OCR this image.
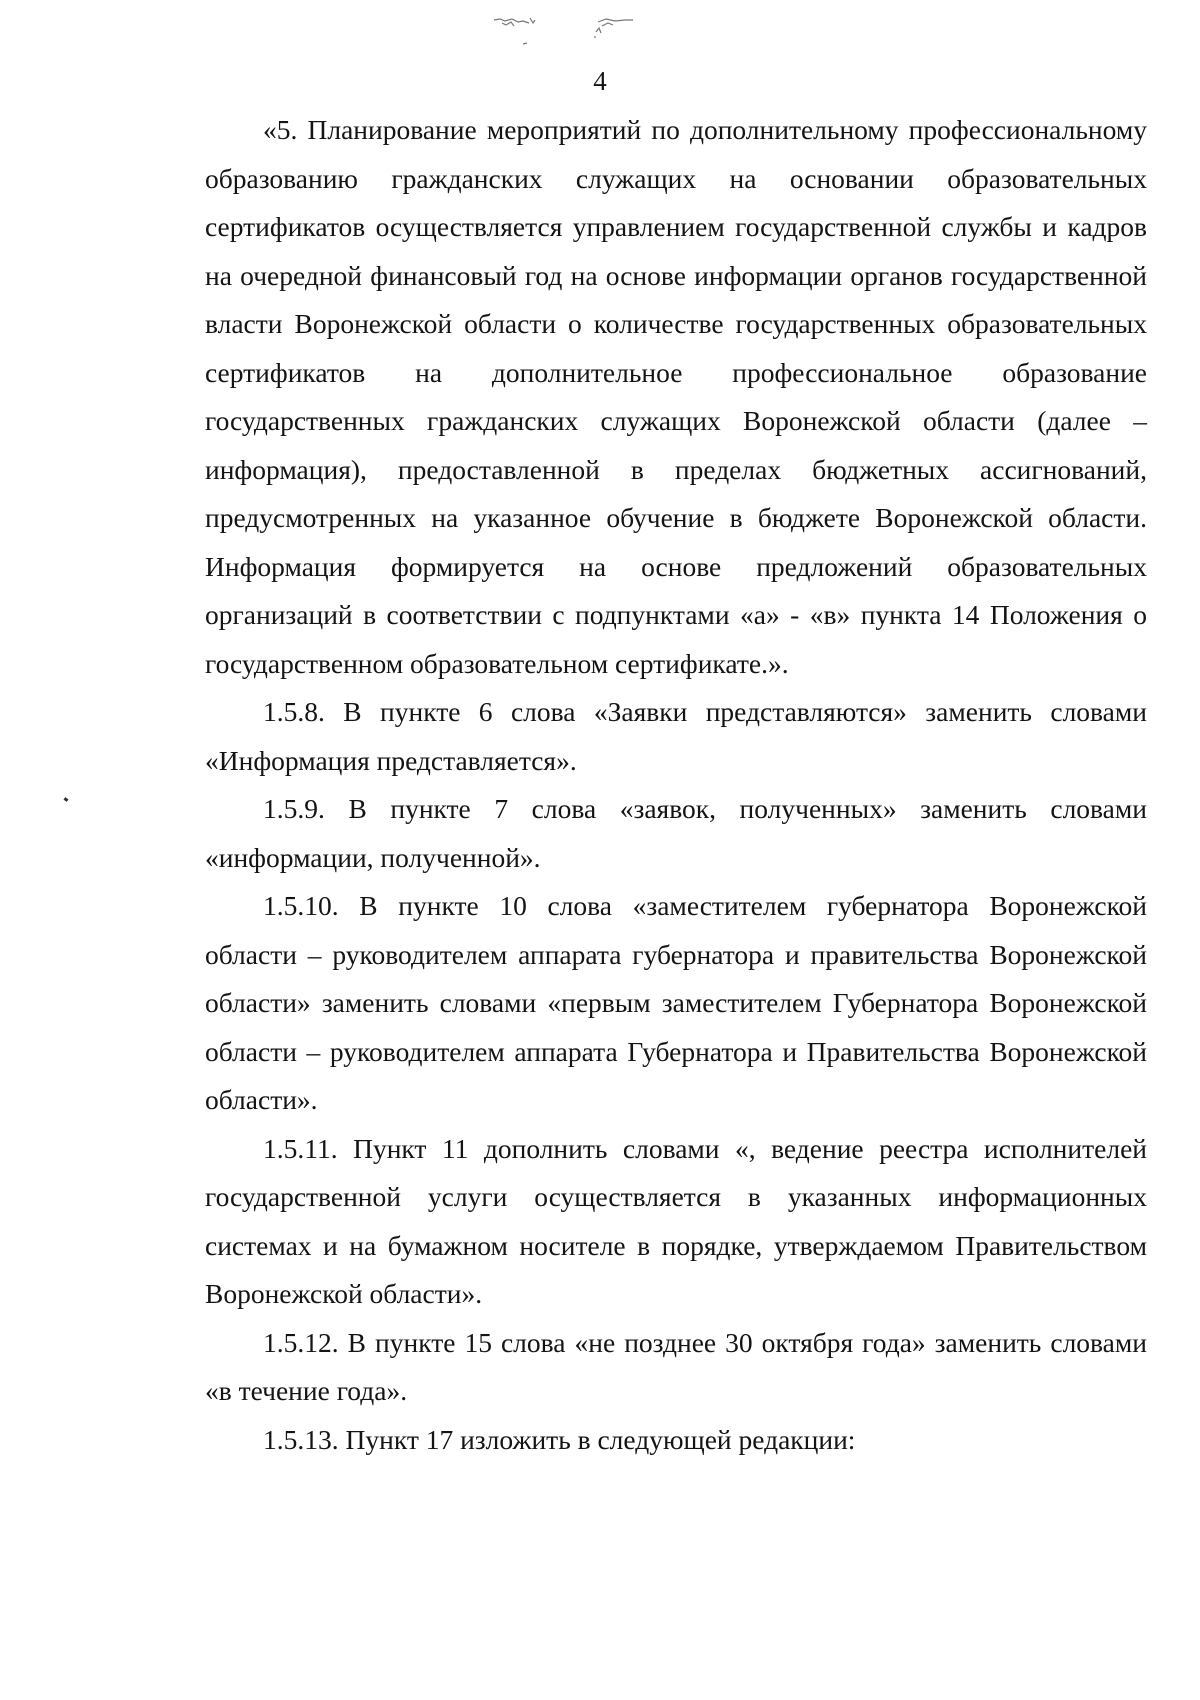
4

«5. Планирование мероприятий по дополнительному профессиональному образованию гражданских служащих на основании образовательных сертификатов осуществляется управлением государственной службы и кадров на очередной финансовый год на основе информации органов государственной власти Воронежской области о количестве государственных образовательных сертификатов на дополнительное профессиональное образование государственных гражданских служащих Воронежской области (далее – информация), предоставленной в пределах бюджетных ассигнований, предусмотренных на указанное обучение в бюджете Воронежской области. Информация формируется на основе предложений образовательных организаций в соответствии с подпунктами «а» - «в» пункта 14 Положения о государственном образовательном сертификате.».

1.5.8. В пункте 6 слова «Заявки представляются» заменить словами «Информация представляется».

1.5.9. В пункте 7 слова «заявок, полученных» заменить словами «информации, полученной».

1.5.10. В пункте 10 слова «заместителем губернатора Воронежской области – руководителем аппарата губернатора и правительства Воронежской области» заменить словами «первым заместителем Губернатора Воронежской области – руководителем аппарата Губернатора и Правительства Воронежской области».

1.5.11. Пункт 11 дополнить словами «, ведение реестра исполнителей государственной услуги осуществляется в указанных информационных системах и на бумажном носителе в порядке, утверждаемом Правительством Воронежской области».

1.5.12. В пункте 15 слова «не позднее 30 октября года» заменить словами «в течение года».

1.5.13. Пункт 17 изложить в следующей редакции:
